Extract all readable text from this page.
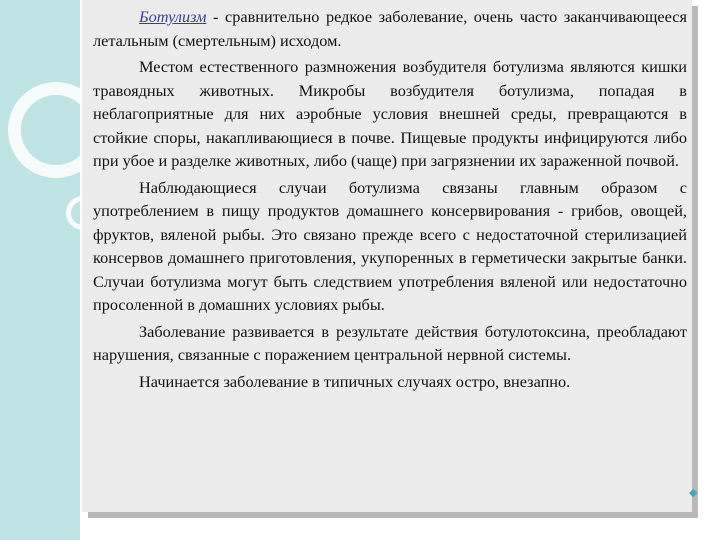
Ботулизм - сравнительно редкое заболевание, очень часто заканчивающееся летальным (смертельным) исходом.

Местом естественного размножения возбудителя ботулизма являются кишки травоядных животных. Микробы возбудителя ботулизма, попадая в неблагоприятные для них аэробные условия внешней среды, превращаются в стойкие споры, накапливающиеся в почве. Пищевые продукты инфицируются либо при убое и разделке животных, либо (чаще) при загрязнении их зараженной почвой.

Наблюдающиеся случаи ботулизма связаны главным образом с употреблением в пищу продуктов домашнего консервирования - грибов, овощей, фруктов, вяленой рыбы. Это связано прежде всего с недостаточной стерилизацией консервов домашнего приготовления, укупоренных в герметически закрытые банки. Случаи ботулизма могут быть следствием употребления вяленой или недостаточно просоленной в домашних условиях рыбы.

Заболевание развивается в результате действия ботулотоксина, преобладают нарушения, связанные с поражением центральной нервной системы.

Начинается заболевание в типичных случаях остро, внезапно.

◆
